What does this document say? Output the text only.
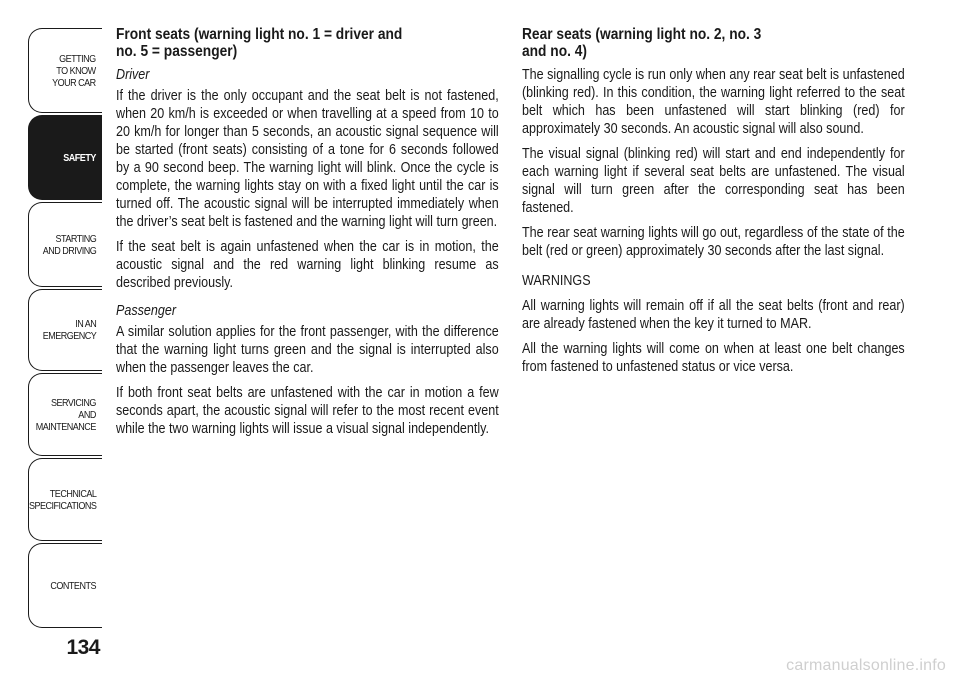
GETTING
TO KNOW
YOUR CAR
SAFETY
STARTING
AND DRIVING
IN AN
EMERGENCY
SERVICING AND
MAINTENANCE
TECHNICAL
SPECIFICATIONS
CONTENTS
134
Front seats (warning light no. 1 = driver and
no. 5 = passenger)

Driver

If the driver is the only occupant and the seat belt is not fastened, when 20 km/h is exceeded or when travelling at a speed from 10 to 20 km/h for longer than 5 seconds, an acoustic signal sequence will be started (front seats) consisting of a tone for 6 seconds followed by a 90 second beep. The warning light will blink. Once the cycle is complete, the warning lights stay on with a fixed light until the car is turned off. The acoustic signal will be interrupted immediately when the driver’s seat belt is fastened and the warning light will turn green.

If the seat belt is again unfastened when the car is in motion, the acoustic signal and the red warning light blinking resume as described previously.

Passenger

A similar solution applies for the front passenger, with the difference that the warning light turns green and the signal is interrupted also when the passenger leaves the car.

If both front seat belts are unfastened with the car in motion a few seconds apart, the acoustic signal will refer to the most recent event while the two warning lights will issue a visual signal independently.

Rear seats (warning light no. 2, no. 3
and no. 4)

The signalling cycle is run only when any rear seat belt is unfastened (blinking red). In this condition, the warning light referred to the seat belt which has been unfastened will start blinking (red) for approximately 30 seconds. An acoustic signal will also sound.

The visual signal (blinking red) will start and end independently for each warning light if several seat belts are unfastened. The visual signal will turn green after the corresponding seat has been fastened.

The rear seat warning lights will go out, regardless of the state of the belt (red or green) approximately 30 seconds after the last signal.

WARNINGS

All warning lights will remain off if all the seat belts (front and rear) are already fastened when the key it turned to MAR.

All the warning lights will come on when at least one belt changes from fastened to unfastened status or vice versa.

carmanualsonline.info
